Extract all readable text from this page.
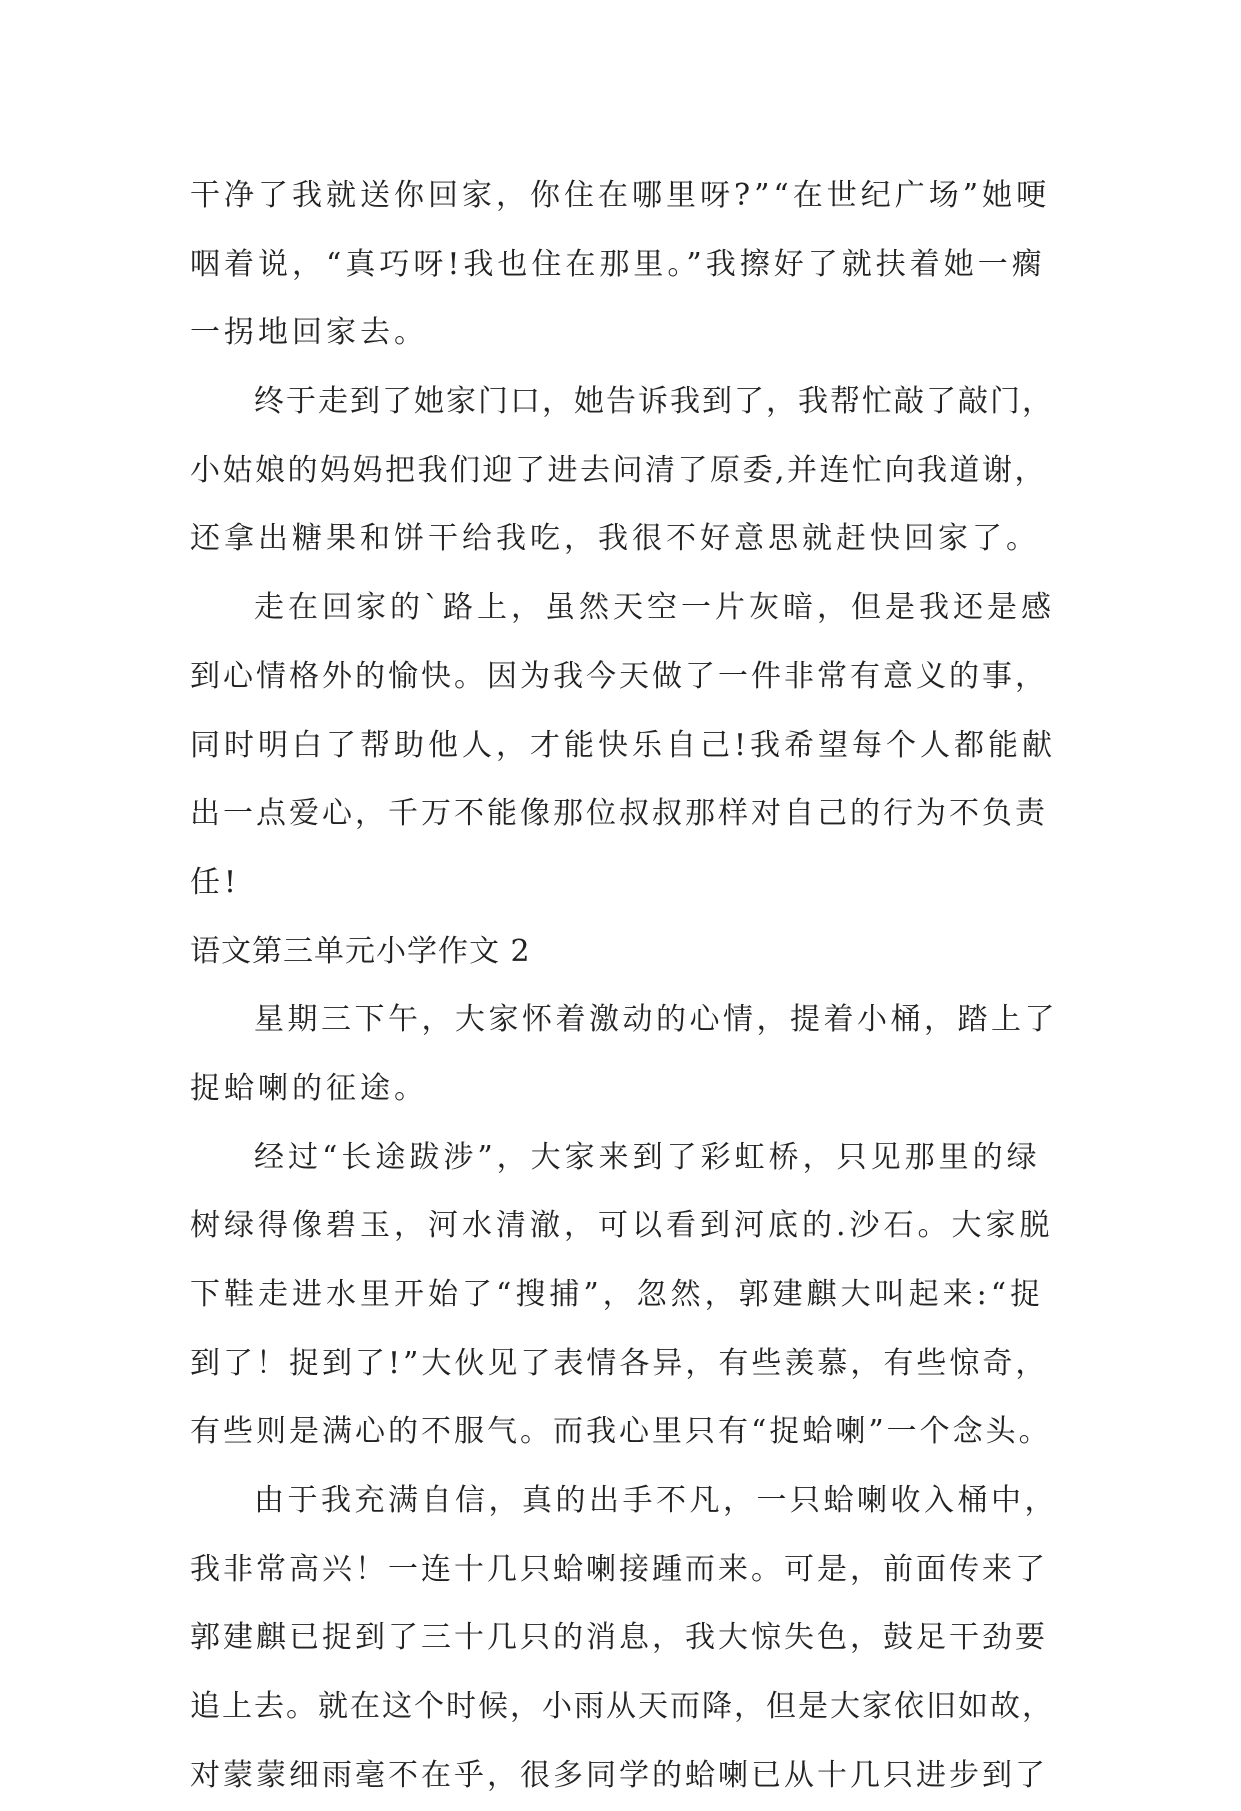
干净了我就送你回家，你住在哪里呀?”“在世纪广场”她哽
咽着说，“真巧呀!我也住在那里。”我擦好了就扶着她一瘸
一拐地回家去。
终于走到了她家门口，她告诉我到了，我帮忙敲了敲门，
小姑娘的妈妈把我们迎了进去问清了原委,并连忙向我道谢，
还拿出糖果和饼干给我吃，我很不好意思就赶快回家了。
走在回家的`路上，虽然天空一片灰暗，但是我还是感
到心情格外的愉快。因为我今天做了一件非常有意义的事，
同时明白了帮助他人，才能快乐自己!我希望每个人都能献
出一点爱心，千万不能像那位叔叔那样对自己的行为不负责
任!
语文第三单元小学作文 2
星期三下午，大家怀着激动的心情，提着小桶，踏上了
捉蛤喇的征途。
经过“长途跋涉”，大家来到了彩虹桥，只见那里的绿
树绿得像碧玉，河水清澈，可以看到河底的.沙石。大家脱
下鞋走进水里开始了“搜捕”，忽然，郭建麒大叫起来:“捉
到了！捉到了!”大伙见了表情各异，有些羡慕，有些惊奇，
有些则是满心的不服气。而我心里只有“捉蛤喇”一个念头。
由于我充满自信，真的出手不凡，一只蛤喇收入桶中，
我非常高兴！一连十几只蛤喇接踵而来。可是，前面传来了
郭建麒已捉到了三十几只的消息，我大惊失色，鼓足干劲要
追上去。就在这个时候，小雨从天而降，但是大家依旧如故，
对蒙蒙细雨毫不在乎，很多同学的蛤喇已从十几只进步到了
